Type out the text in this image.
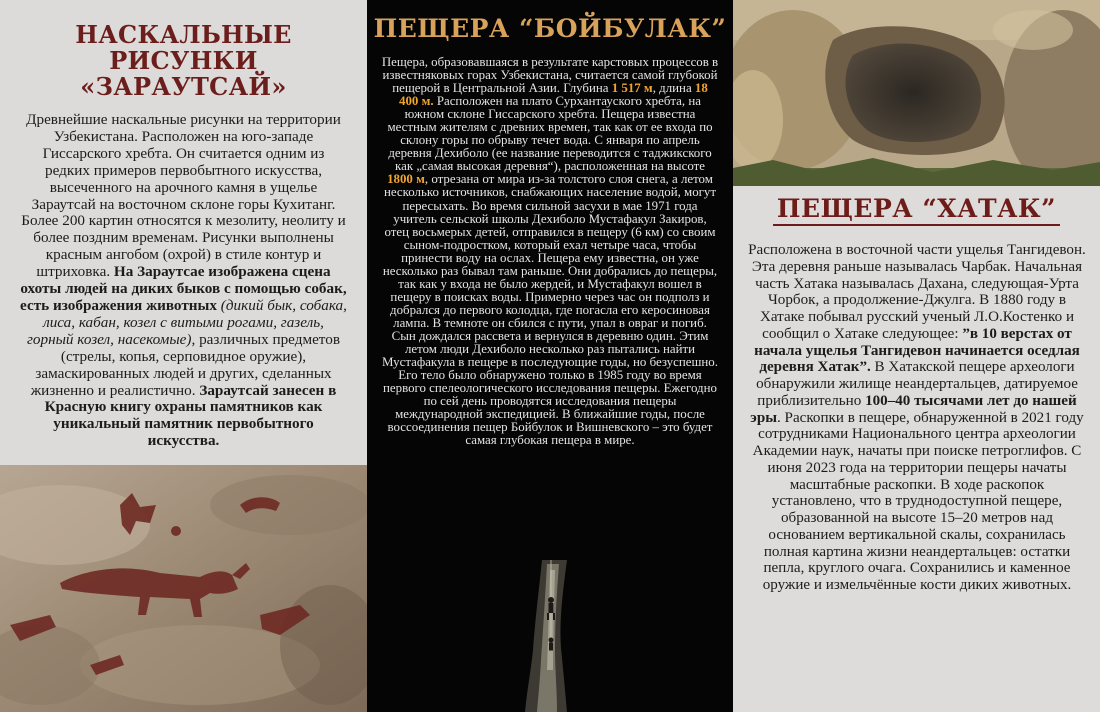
НАСКАЛЬНЫЕ РИСУНКИ «ЗАРАУТСАЙ»

Древнейшие наскальные рисунки на территории Узбекистана. Расположен на юго-западе Гиссарского хребта. Он считается одним из редких примеров первобытного искусства, высеченного на арочного камня в ущелье Зараутсай на восточном склоне горы Кухитанг. Более 200 картин относятся к мезолиту, неолиту и более поздним временам. Рисунки выполнены красным ангобом (охрой) в стиле контур и штриховка. На Зараутсае изображена сцена охоты людей на диких быков с помощью собак, есть изображения животных (дикий бык, собака, лиса, кабан, козел с витыми рогами, газель, горный козел, насекомые), различных предметов (стрелы, копья, серповидное оружие), замаскированных людей и других, сделанных жизненно и реалистично. Зараутсай занесен в Красную книгу охраны памятников как уникальный памятник первобытного искусства.

ПЕЩЕРА “БОЙБУЛАК”

Пещера, образовавшаяся в результате карстовых процессов в известняковых горах Узбекистана, считается самой глубокой пещерой в Центральной Азии. Глубина 1 517 м, длина 18 400 м. Расположен на плато Сурхантауского хребта, на южном склоне Гиссарского хребта. Пещера известна местным жителям с древних времен, так как от ее входа по склону горы по обрыву течет вода. С января по апрель деревня Дехиболо (ее название переводится с таджикского как „самая высокая деревня“), расположенная на высоте 1800 м, отрезана от мира из-за толстого слоя снега, а летом несколько источников, снабжающих население водой, могут пересыхать. Во время сильной засухи в мае 1971 года учитель сельской школы Дехиболо Мустафакул Закиров, отец восьмерых детей, отправился в пещеру (6 км) со своим сыном-подростком, который ехал четыре часа, чтобы принести воду на ослах. Пещера ему известна, он уже несколько раз бывал там раньше. Они добрались до пещеры, так как у входа не было жердей, и Мустафакул вошел в пещеру в поисках воды. Примерно через час он подполз и добрался до первого колодца, где погасла его керосиновая лампа. В темноте он сбился с пути, упал в овраг и погиб. Сын дождался рассвета и вернулся в деревню один. Этим летом люди Дехиболо несколько раз пытались найти Мустафакула в пещере в последующие годы, но безуспешно. Его тело было обнаружено только в 1985 году во время первого спелеологического исследования пещеры. Ежегодно по сей день проводятся исследования пещеры международной экспедицией. В ближайшие годы, после воссоединения пещер Бойбулок и Вишневского – это будет самая глубокая пещера в мире.

ПЕЩЕРА “ХАТАК”

Расположена в восточной части ущелья Тангидевон. Эта деревня раньше называлась Чарбак. Начальная часть Хатака называлась Дахана, следующая-Урта Чорбок, а продолжение-Джулга. В 1880 году в Хатаке побывал русский ученый Л.О.Костенко и сообщил о Хатаке следующее: ”в 10 верстах от начала ущелья Тангидевон начинается оседлая деревня Хатак”. В Хатакской пещере археологи обнаружили жилище неандертальцев, датируемое приблизительно 100–40 тысячами лет до нашей эры. Раскопки в пещере, обнаруженной в 2021 году сотрудниками Национального центра археологии Академии наук, начаты при поиске петроглифов. С июня 2023 года на территории пещеры начаты масштабные раскопки. В ходе раскопок установлено, что в труднодоступной пещере, образованной на высоте 15–20 метров над основанием вертикальной скалы, сохранилась полная картина жизни неандертальцев: остатки пепла, круглого очага. Сохранились и каменное оружие и измельчённые кости диких животных.
